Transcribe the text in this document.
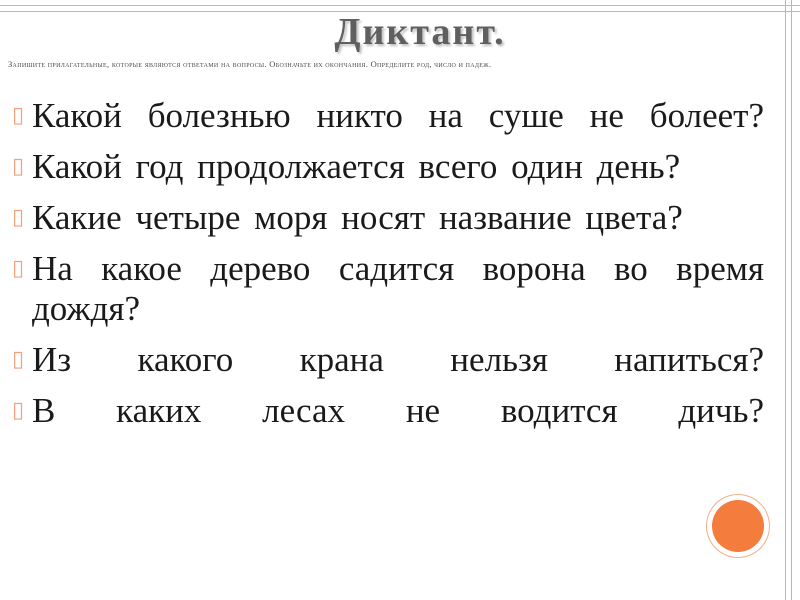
Диктант.
Запишите прилагательные, которые являются ответами на вопросы. Обозначьте их окончания. Определите род, число и падеж.
▯ Какой болезнью никто на суше не болеет?
▯ Какой год продолжается всего один день?
▯ Какие четыре моря носят название цвета?
▯ На какое дерево садится ворона во время дождя?
▯ Из какого крана нельзя напиться?
▯ В каких лесах не водится дичь?
